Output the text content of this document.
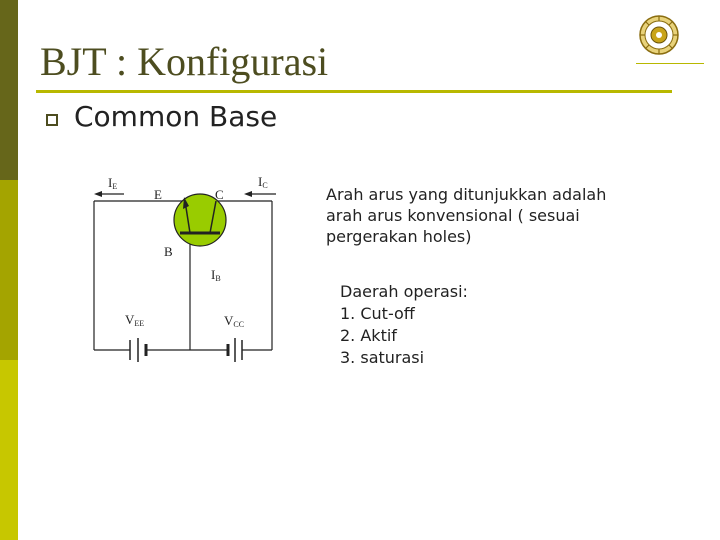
BJT : Konfigurasi
Common Base
IE	IC
E	C
B
IB
VEE	VCC
Arah arus yang ditunjukkan adalah
arah arus konvensional ( sesuai
pergerakan holes)
Daerah operasi:
1. Cut-off
2. Aktif
3. saturasi
